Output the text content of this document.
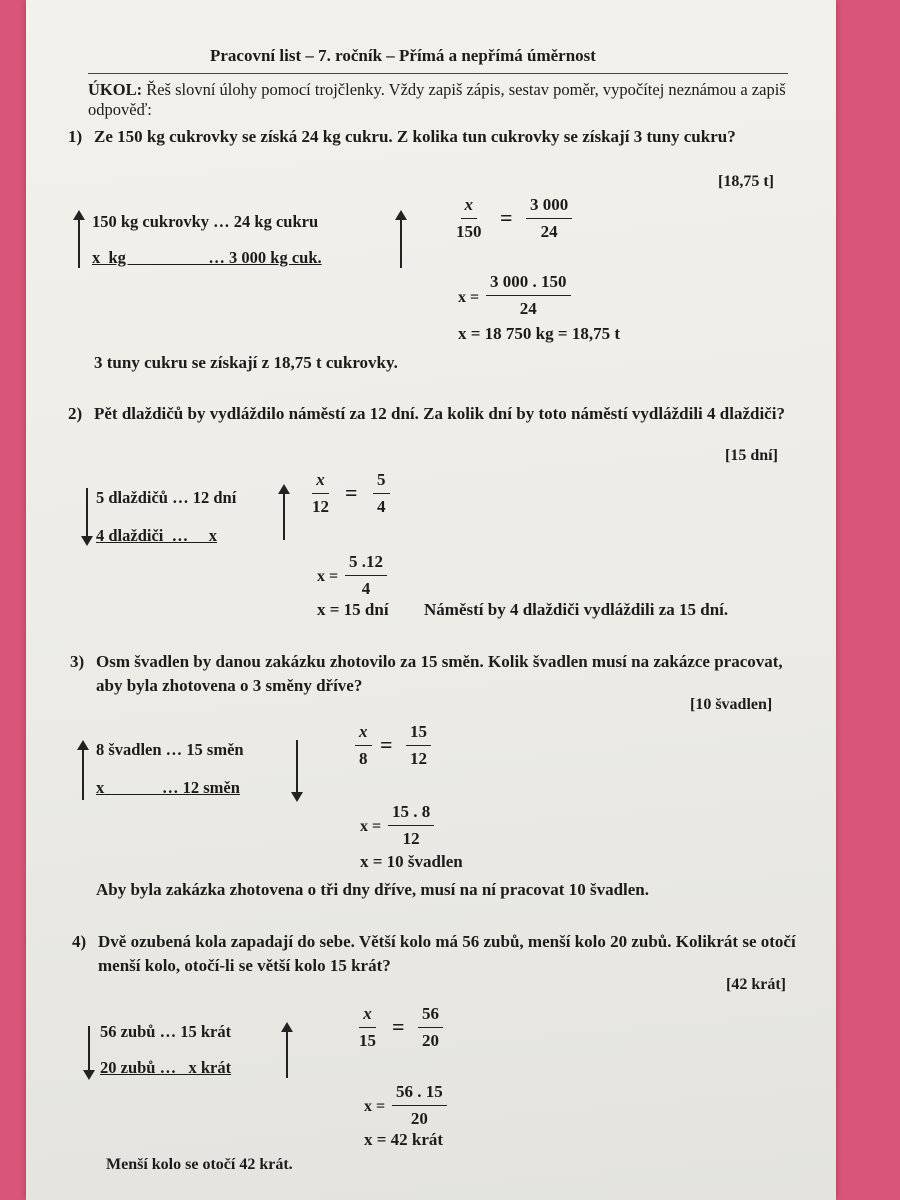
Pracovní list – 7. ročník – Přímá a nepřímá úměrnost
ÚKOL: Řeš slovní úlohy pomocí trojčlenky. Vždy zapiš zápis, sestav poměr, vypočítej neznámou a zapiš odpověď:
1) Ze 150 kg cukrovky se získá 24 kg cukru. Z kolika tun cukrovky se získají 3 tuny cukru?
[18,75 t]
150 kg cukrovky … 24 kg cukru
x  kg                    … 3 000 kg cuk.
$\frac{x}{150} = \frac{3 000}{24}$
$x = \frac{3 000 . 150}{24}$
x = 18 750 kg = 18,75 t
3 tuny cukru se získají z 18,75 t cukrovky.
2) Pět dlaždičů by vydláždilo náměstí za 12 dní. Za kolik dní by toto náměstí vydláždili 4 dlaždiči?
[15 dní]
5 dlaždičů … 12 dní
4 dlaždiči  …     x
$\frac{x}{12} = \frac{5}{4}$
$x = \frac{5 .12}{4}$
x = 15 dní Náměstí by 4 dlaždiči vydláždili za 15 dní.
3) Osm švadlen by danou zakázku zhotovilo za 15 směn. Kolik švadlen musí na zakázce pracovat, aby byla zhotovena o 3 směny dříve?
[10 švadlen]
8 švadlen … 15 směn
x              … 12 směn
$\frac{x}{8} = \frac{15}{12}$
$x = \frac{15 . 8}{12}$
x = 10 švadlen
Aby byla zakázka zhotovena o tři dny dříve, musí na ní pracovat 10 švadlen.
4) Dvě ozubená kola zapadají do sebe. Větší kolo má 56 zubů, menší kolo 20 zubů. Kolikrát se otočí menší kolo, otočí-li se větší kolo 15 krát?
[42 krát]
56 zubů … 15 krát
20 zubů …   x krát
$\frac{x}{15} = \frac{56}{20}$
$x = \frac{56 . 15}{20}$
x = 42 krát
Menší kolo se otočí 42 krát.
